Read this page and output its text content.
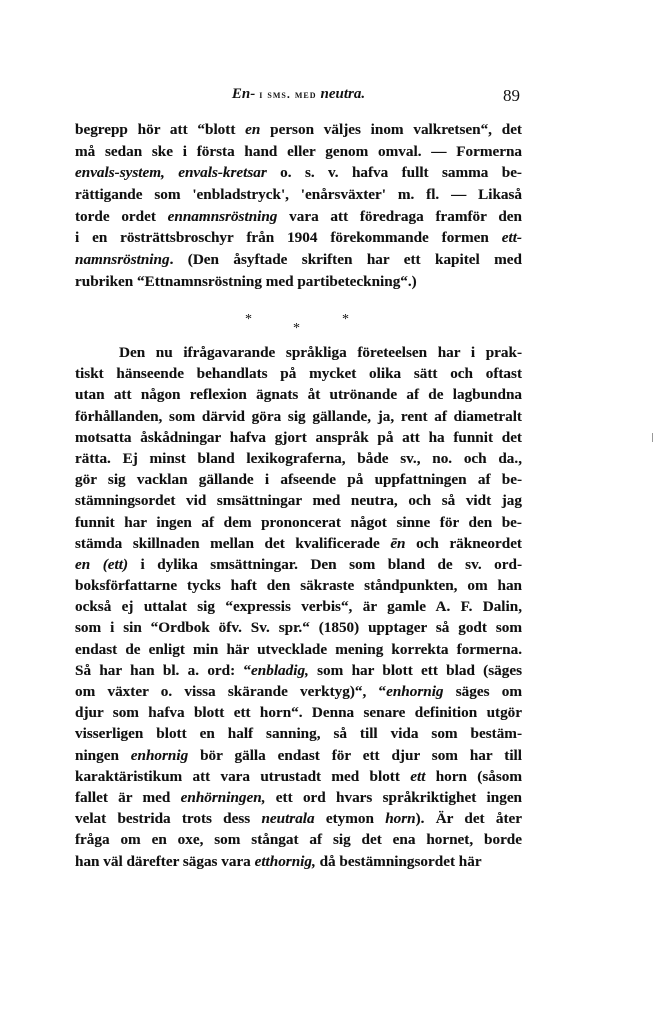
En- i sms. med neutra.	89
begrepp hör att “blott en person väljes inom valkretsen“, det
må sedan ske i första hand eller genom omval. — Formerna
envals-system, envals-kretsar o. s. v. hafva fullt samma be-
rättigande som 'enbladstryck', 'enårsväxter' m. fl. — Likaså
torde ordet ennamnsröstning vara att föredraga framför den
i en rösträttsbroschyr från 1904 förekommande formen ett-
namnsröstning. (Den åsyftade skriften har ett kapitel med
rubriken “Ettnamnsröstning med partibeteckning“.)
*
*
*
Den nu ifrågavarande språkliga företeelsen har i prak-
tiskt hänseende behandlats på mycket olika sätt och oftast
utan att någon reflexion ägnats åt utrönande af de lagbundna
förhållanden, som därvid göra sig gällande, ja, rent af diametralt
motsatta åskådningar hafva gjort anspråk på att ha funnit det
rätta. Ej minst bland lexikograferna, både sv., no. och da.,
gör sig vacklan gällande i afseende på uppfattningen af be-
stämningsordet vid smsättningar med neutra, och så vidt jag
funnit har ingen af dem prononcerat något sinne för den be-
stämda skillnaden mellan det kvalificerade ēn och räkneordet
en (ett) i dylika smsättningar. Den som bland de sv. ord-
boksförfattarne tycks haft den säkraste ståndpunkten, om han
också ej uttalat sig “expressis verbis“, är gamle A. F. Dalin,
som i sin “Ordbok öfv. Sv. spr.“ (1850) upptager så godt som
endast de enligt min här utvecklade mening korrekta formerna.
Så har han bl. a. ord: “enbladig, som har blott ett blad (säges
om växter o. vissa skärande verktyg)“, “enhornig säges om
djur som hafva blott ett horn“. Denna senare definition utgör
visserligen blott en half sanning, så till vida som bestäm-
ningen enhornig bör gälla endast för ett djur som har till
karaktäristikum att vara utrustadt med blott ett horn (såsom
fallet är med enhörningen, ett ord hvars språkriktighet ingen
velat bestrida trots dess neutrala etymon horn). Är det åter
fråga om en oxe, som stångat af sig det ena hornet, borde
han väl därefter sägas vara etthornig, då bestämningsordet här
